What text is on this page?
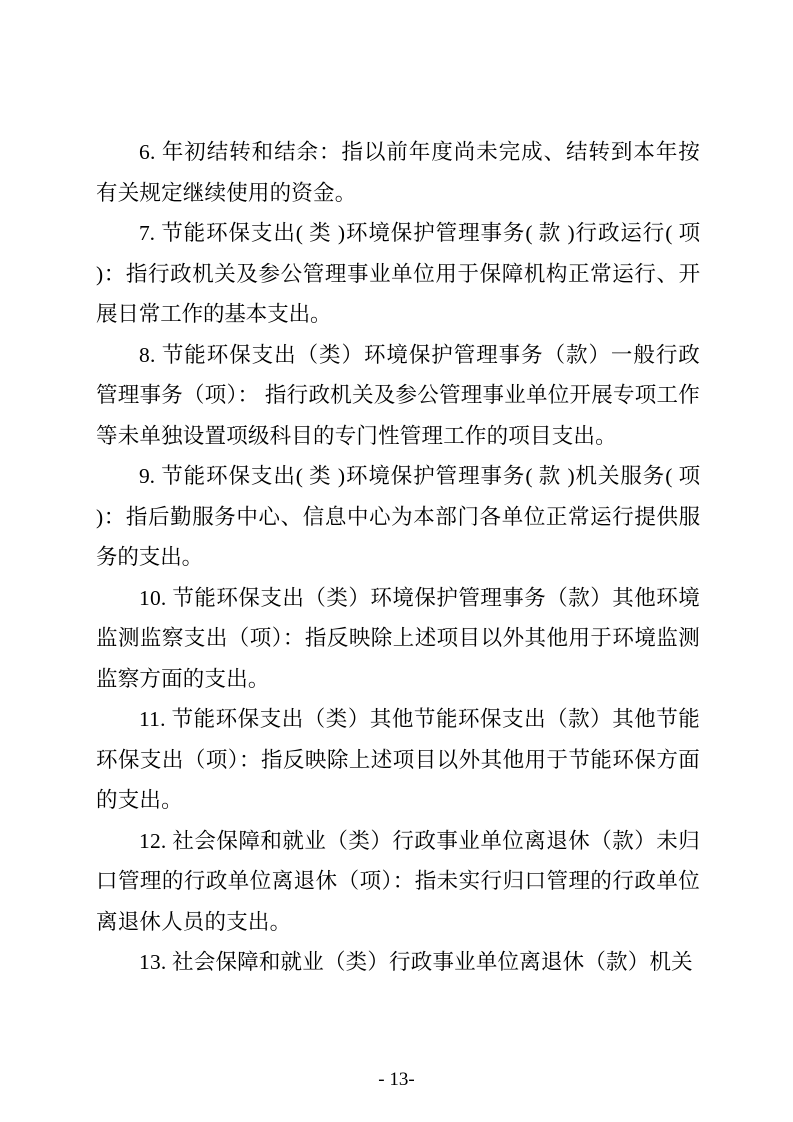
6. 年初结转和结余：指以前年度尚未完成、结转到本年按有关规定继续使用的资金。

7. 节能环保支出( 类 )环境保护管理事务( 款 )行政运行( 项 )：指行政机关及参公管理事业单位用于保障机构正常运行、开展日常工作的基本支出。

8. 节能环保支出（类）环境保护管理事务（款）一般行政管理事务（项）： 指行政机关及参公管理事业单位开展专项工作等未单独设置项级科目的专门性管理工作的项目支出。

9. 节能环保支出( 类 )环境保护管理事务( 款 )机关服务( 项 )：指后勤服务中心、信息中心为本部门各单位正常运行提供服务的支出。

10. 节能环保支出（类）环境保护管理事务（款）其他环境监测监察支出（项）：指反映除上述项目以外其他用于环境监测监察方面的支出。

11. 节能环保支出（类）其他节能环保支出（款）其他节能环保支出（项）：指反映除上述项目以外其他用于节能环保方面的支出。

12. 社会保障和就业（类）行政事业单位离退休（款）未归口管理的行政单位离退休（项）：指未实行归口管理的行政单位离退休人员的支出。

13. 社会保障和就业（类）行政事业单位离退休（款）机关

- 13-
